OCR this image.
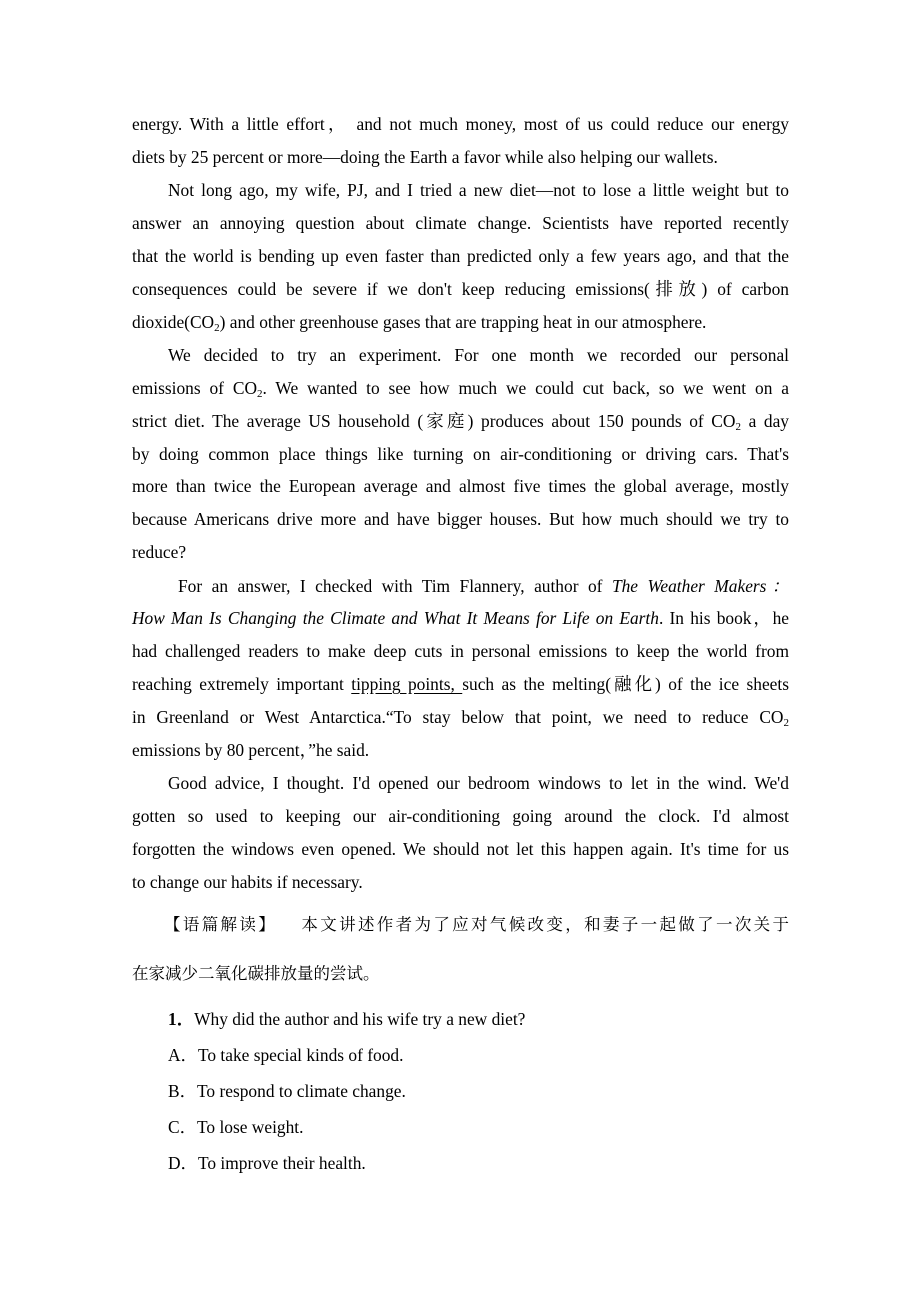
energy. With a little effort， and not much money, most of us could reduce our energy
diets by 25 percent or more—doing the Earth a favor while also helping our wallets.
Not long ago, my wife, PJ, and I tried a new diet—not to lose a little weight but to
answer an annoying question about climate change. Scientists have reported recently
that the world is bending up even faster than predicted only a few years ago, and that the
consequences could be severe if we don't keep reducing emissions(排放) of carbon
$dioxide(CO_2)$ and other greenhouse gases that are trapping heat in our atmosphere.
We decided to try an experiment. For one month we recorded our personal
emissions of $CO_2$. We wanted to see how much we could cut back, so we went on a
strict diet. The average US household (家庭) produces about 150 pounds of $CO_2$ a day
by doing common place things like turning on air-conditioning or driving cars. That's
more than twice the European average and almost five times the global average, mostly
because Americans drive more and have bigger houses. But how much should we try to
reduce?
For an answer, I checked with Tim Flannery, author of The Weather Makers：
How Man Is Changing the Climate and What It Means for Life on Earth. In his book，he
had challenged readers to make deep cuts in personal emissions to keep the world from
reaching extremely important tipping points, such as the melting(融化) of the ice sheets
in Greenland or West Antarctica.“To stay below that point, we need to reduce $CO_2$
emissions by 80 percent，”he said.
Good advice, I thought. I'd opened our bedroom windows to let in the wind. We'd
gotten so used to keeping our air-conditioning going around the clock. I'd almost
forgotten the windows even opened. We should not let this happen again. It's time for us
to change our habits if necessary.
【语篇解读】 本文讲述作者为了应对气候改变，和妻子一起做了一次关于
在家减少二氧化碳排放量的尝试。
1．Why did the author and his wife try a new diet?
A．To take special kinds of food.
B．To respond to climate change.
C．To lose weight.
D．To improve their health.
